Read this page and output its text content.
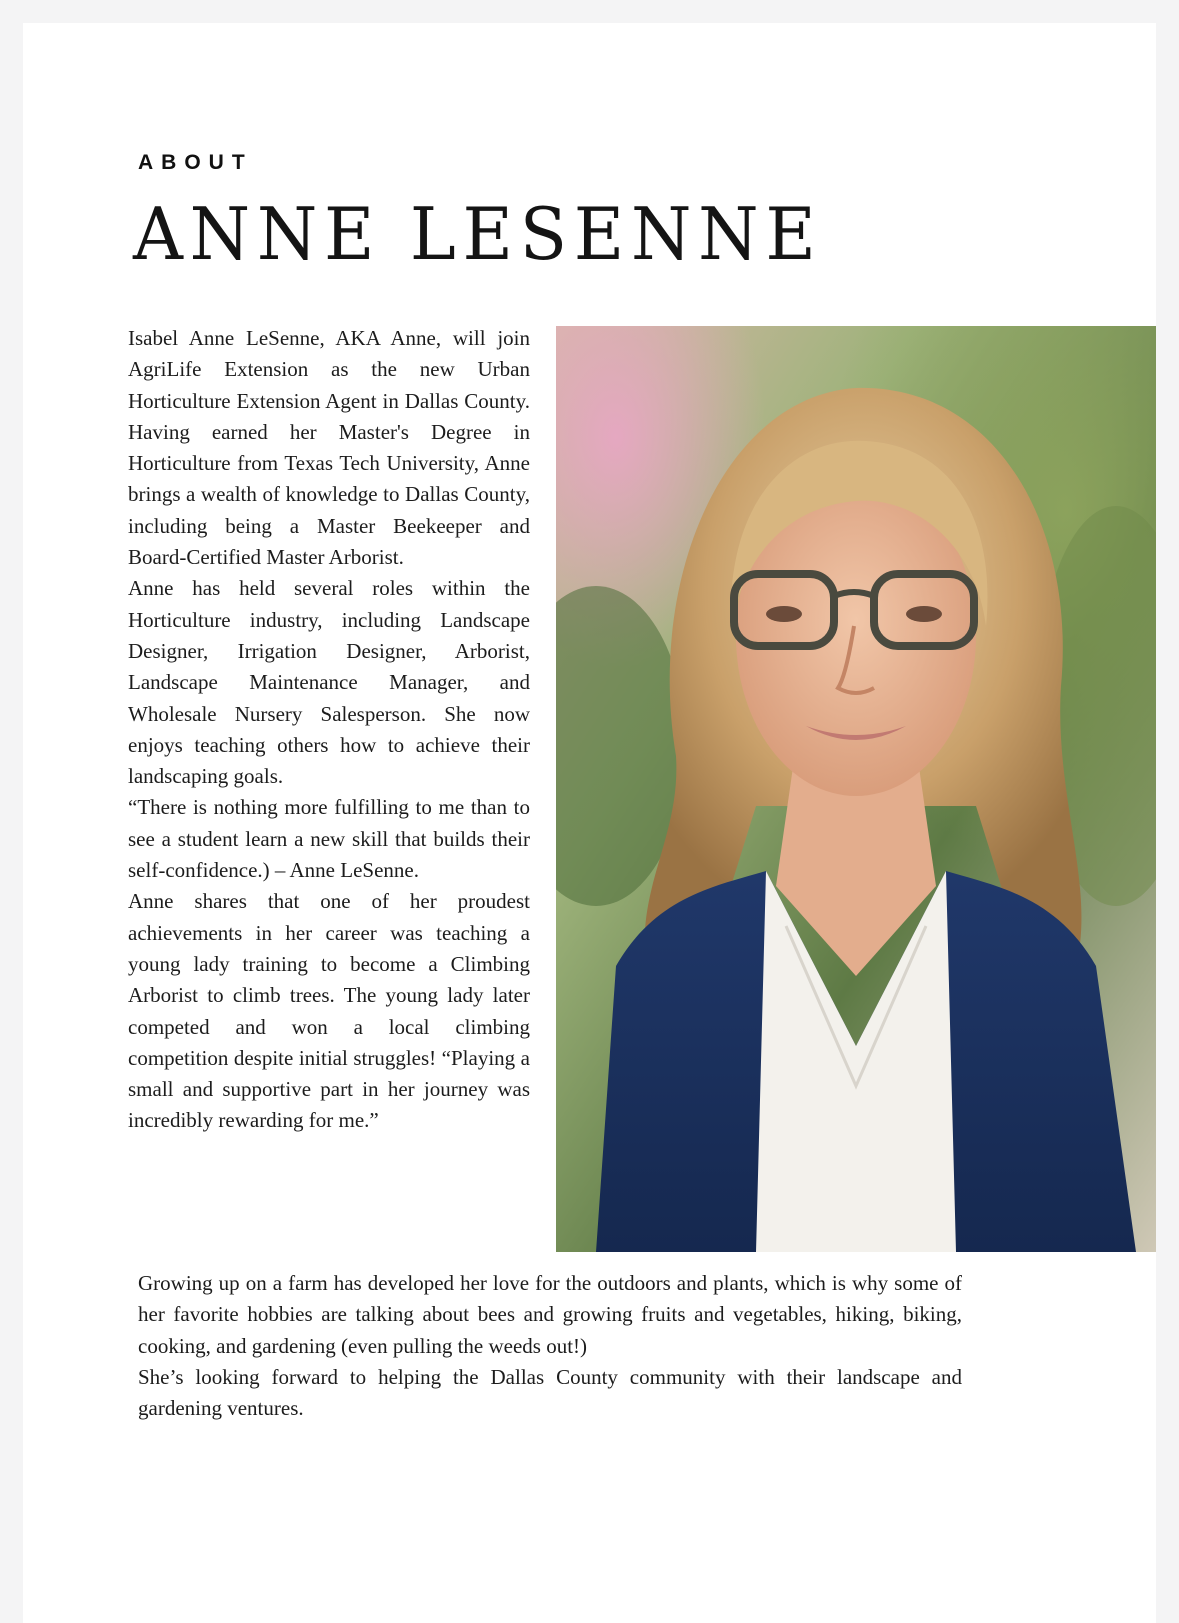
ABOUT
ANNE LESENNE

Isabel Anne LeSenne, AKA Anne, will join AgriLife Extension as the new Urban Horticulture Extension Agent in Dallas County. Having earned her Master's Degree in Horticulture from Texas Tech University, Anne brings a wealth of knowledge to Dallas County, including being a Master Beekeeper and Board-Certified Master Arborist.

Anne has held several roles within the Horticulture industry, including Landscape Designer, Irrigation Designer, Arborist, Landscape Maintenance Manager, and Wholesale Nursery Salesperson. She now enjoys teaching others how to achieve their landscaping goals.

“There is nothing more fulfilling to me than to see a student learn a new skill that builds their self-confidence.) – Anne LeSenne.

Anne shares that one of her proudest achievements in her career was teaching a young lady training to become a Climbing Arborist to climb trees. The young lady later competed and won a local climbing competition despite initial struggles! “Playing a small and supportive part in her journey was incredibly rewarding for me.”

Growing up on a farm has developed her love for the outdoors and plants, which is why some of her favorite hobbies are talking about bees and growing fruits and vegetables, hiking, biking, cooking, and gardening (even pulling the weeds out!)

She’s looking forward to helping the Dallas County community with their landscape and gardening ventures.
